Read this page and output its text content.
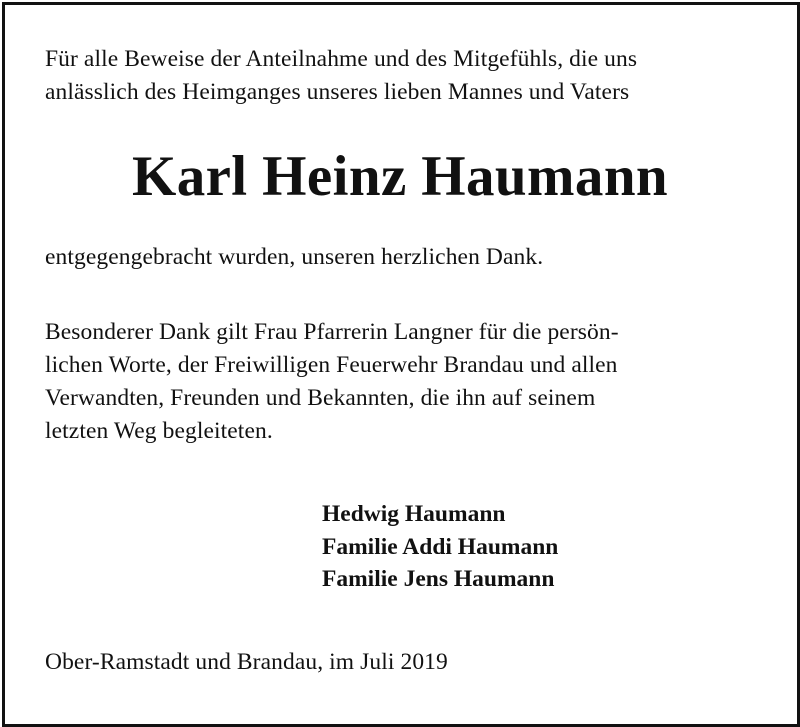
Für alle Beweise der Anteilnahme und des Mitgefühls, die uns
anlässlich des Heimganges unseres lieben Mannes und Vaters
Karl Heinz Haumann
entgegengebracht wurden, unseren herzlichen Dank.
Besonderer Dank gilt Frau Pfarrerin Langner für die persön-
lichen Worte, der Freiwilligen Feuerwehr Brandau und allen
Verwandten, Freunden und Bekannten, die ihn auf seinem
letzten Weg begleiteten.
Hedwig Haumann
Familie Addi Haumann
Familie Jens Haumann
Ober-Ramstadt und Brandau, im Juli 2019
